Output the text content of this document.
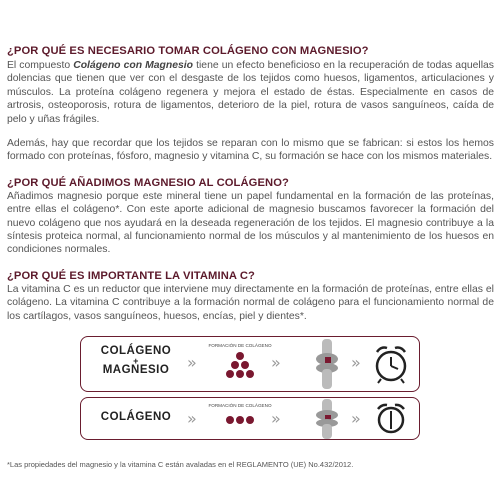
¿POR QUÉ ES NECESARIO TOMAR COLÁGENO CON MAGNESIO?

El compuesto Colágeno con Magnesio tiene un efecto beneficioso en la recuperación de todas aquellas dolencias que tienen que ver con el desgaste de los tejidos como huesos, ligamentos, articulaciones y músculos. La proteína colágeno regenera y mejora el estado de éstas. Especialmente en casos de artrosis, osteoporosis, rotura de ligamentos, deterioro de la piel, rotura de vasos sanguíneos, caída de pelo y uñas frágiles.

Además, hay que recordar que los tejidos se reparan con lo mismo que se fabrican: si estos los hemos formado con proteínas, fósforo, magnesio y vitamina C, su formación se hace con los mismos materiales.

¿POR QUÉ AÑADIMOS MAGNESIO AL COLÁGENO?

Añadimos magnesio porque este mineral tiene un papel fundamental en la formación de las proteínas, entre ellas el colágeno*. Con este aporte adicional de magnesio buscamos favorecer la formación del nuevo colágeno que nos ayudará en la deseada regeneración de los tejidos. El magnesio contribuye a la síntesis proteica normal, al funcionamiento normal de los músculos y al mantenimiento de los huesos en condiciones normales.

¿POR QUÉ ES IMPORTANTE LA VITAMINA C?

La vitamina C es un reductor que interviene muy directamente en la formación de proteínas, entre ellas el colágeno. La vitamina C contribuye a la formación normal de colágeno para el funcionamiento normal de los cartílagos, vasos sanguíneos, huesos, encías, piel y dientes*.

COLÁGENO
+
MAGNESIO	»
FORMACIÓN DE COLÁGENO
»	»
COLÁGENO »
FORMACIÓN DE COLÁGENO
»	»
*Las propiedades del magnesio y la vitamina C están avaladas en el REGLAMENTO (UE) No.432/2012.
